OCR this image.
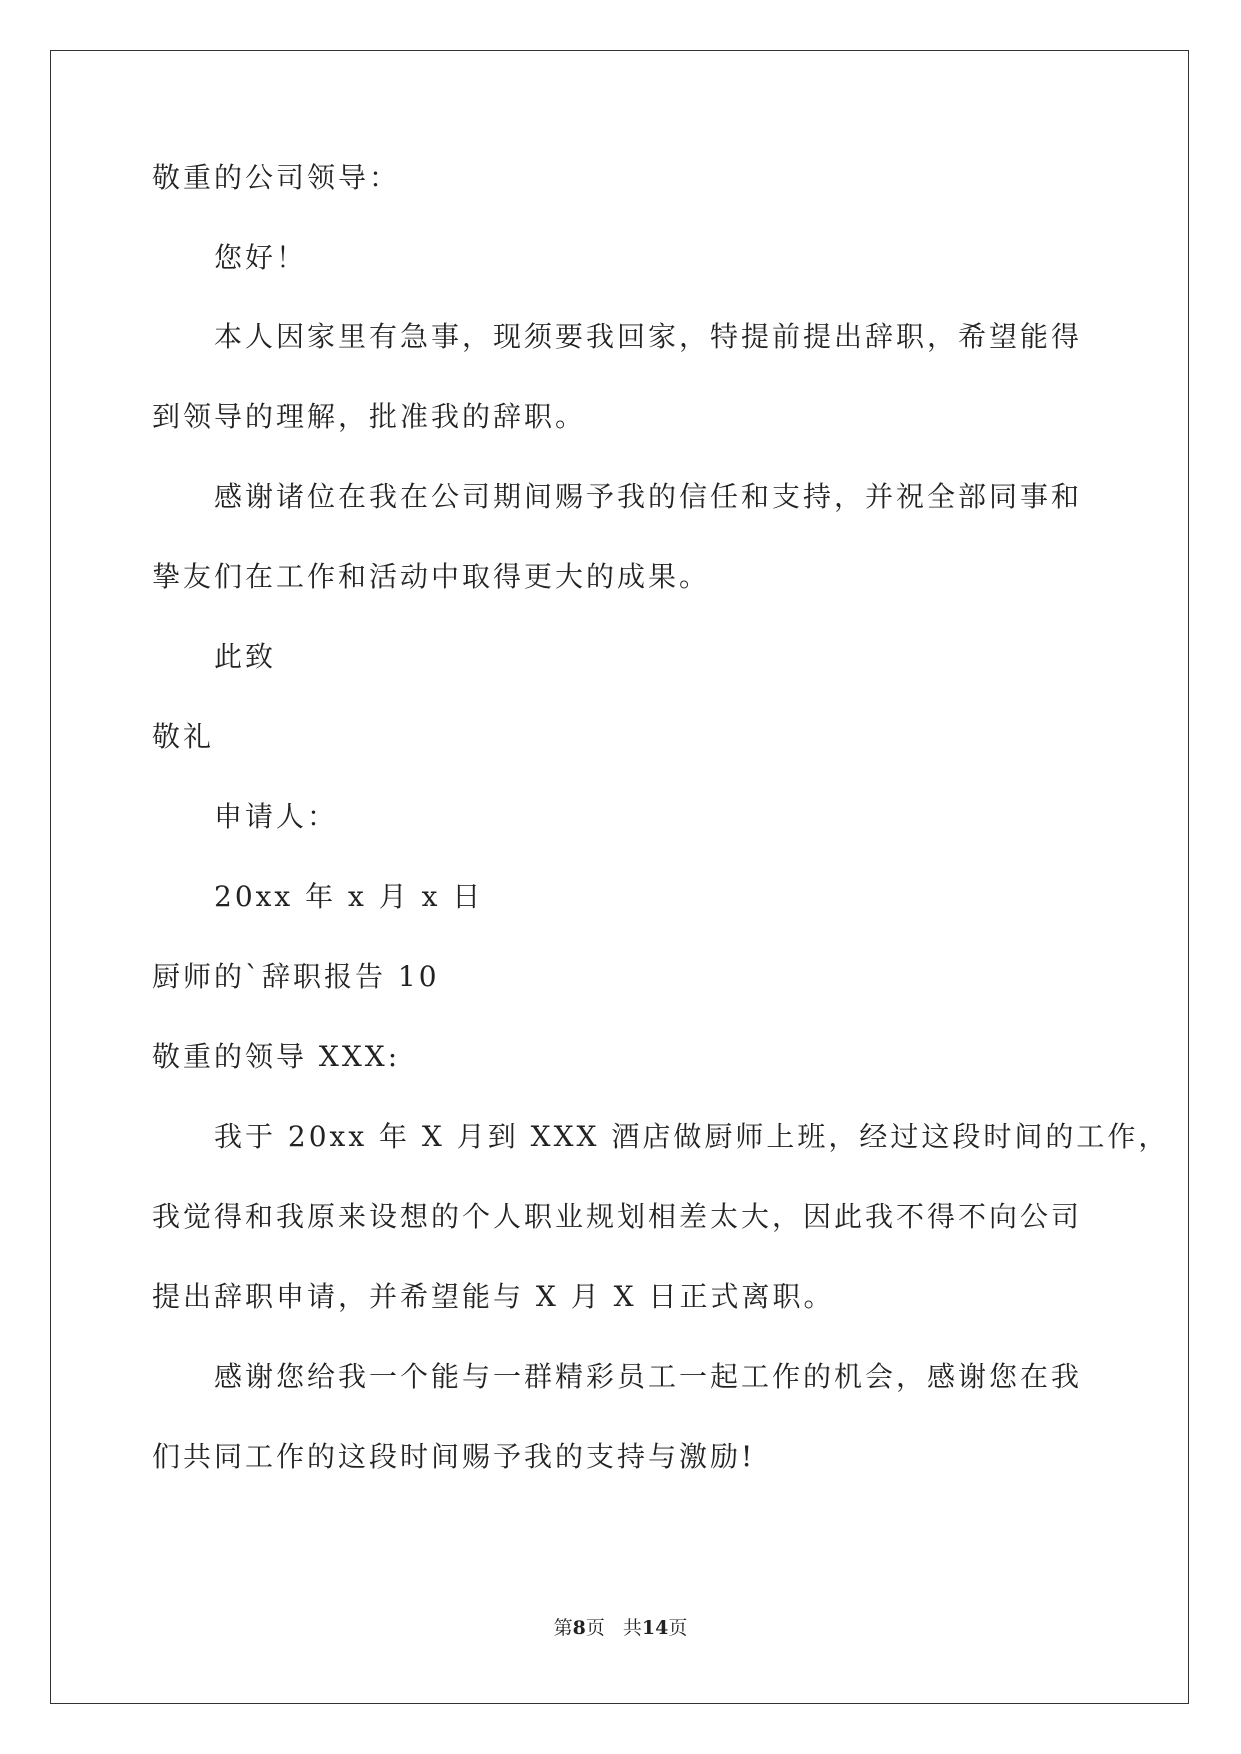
敬重的公司领导：
您好！
本人因家里有急事，现须要我回家，特提前提出辞职，希望能得
到领导的理解，批准我的辞职。
感谢诸位在我在公司期间赐予我的信任和支持，并祝全部同事和
挚友们在工作和活动中取得更大的成果。
此致
敬礼
申请人：
20xx 年 x 月 x 日
厨师的`辞职报告 10
敬重的领导 XXX:
我于 20xx 年 X 月到 XXX 酒店做厨师上班，经过这段时间的工作，
我觉得和我原来设想的个人职业规划相差太大，因此我不得不向公司
提出辞职申请，并希望能与 X 月 X 日正式离职。
感谢您给我一个能与一群精彩员工一起工作的机会，感谢您在我
们共同工作的这段时间赐予我的支持与激励!
第8页 共14页
